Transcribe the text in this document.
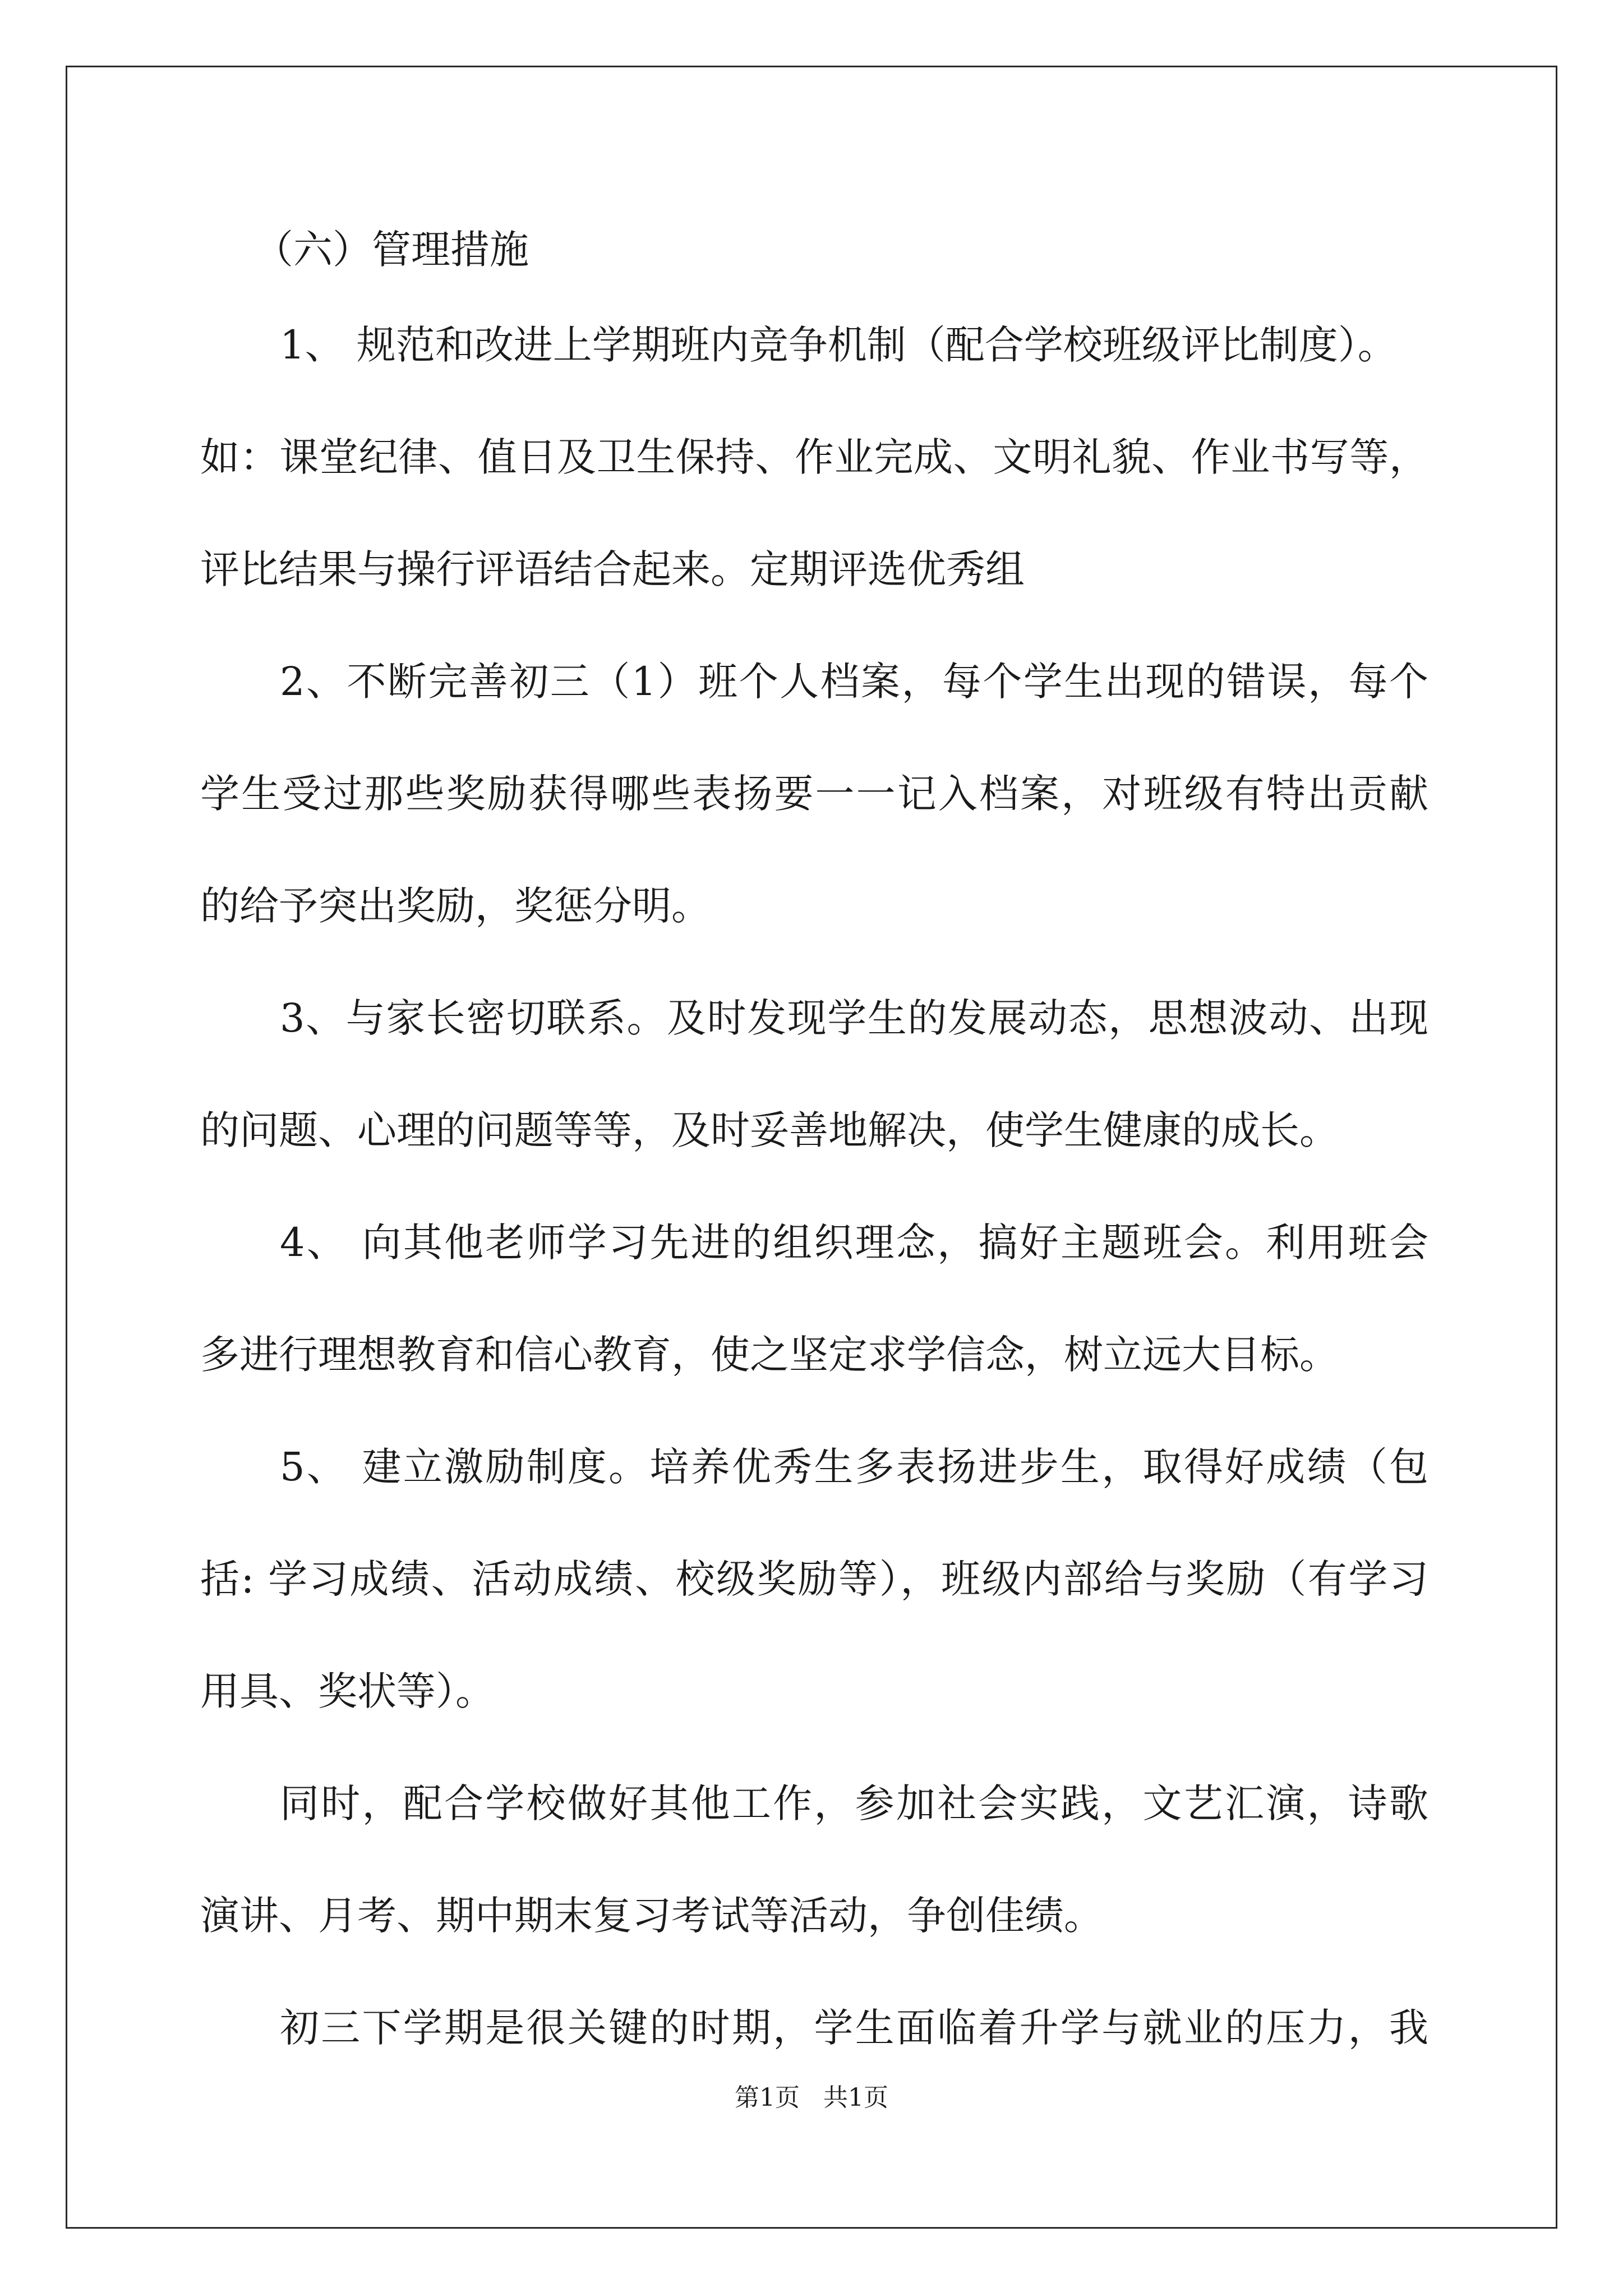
（六）管理措施
1、 规范和改进上学期班内竞争机制（配合学校班级评比制度）。
如：课堂纪律、值日及卫生保持、作业完成、文明礼貌、作业书写等，
评比结果与操行评语结合起来。定期评选优秀组
2、不断完善初三（1）班个人档案，每个学生出现的错误，每个
学生受过那些奖励获得哪些表扬要一一记入档案，对班级有特出贡献
的给予突出奖励，奖惩分明。
3、与家长密切联系。及时发现学生的发展动态，思想波动、出现
的问题、心理的问题等等，及时妥善地解决，使学生健康的成长。
4、 向其他老师学习先进的组织理念，搞好主题班会。利用班会
多进行理想教育和信心教育，使之坚定求学信念，树立远大目标。
5、 建立激励制度。培养优秀生多表扬进步生，取得好成绩（包
括: 学习成绩、活动成绩、校级奖励等），班级内部给与奖励（有学习
用具、奖状等）。
同时，配合学校做好其他工作，参加社会实践，文艺汇演，诗歌
演讲、月考、期中期末复习考试等活动，争创佳绩。
初三下学期是很关键的时期，学生面临着升学与就业的压力，我
第1页 共1页
